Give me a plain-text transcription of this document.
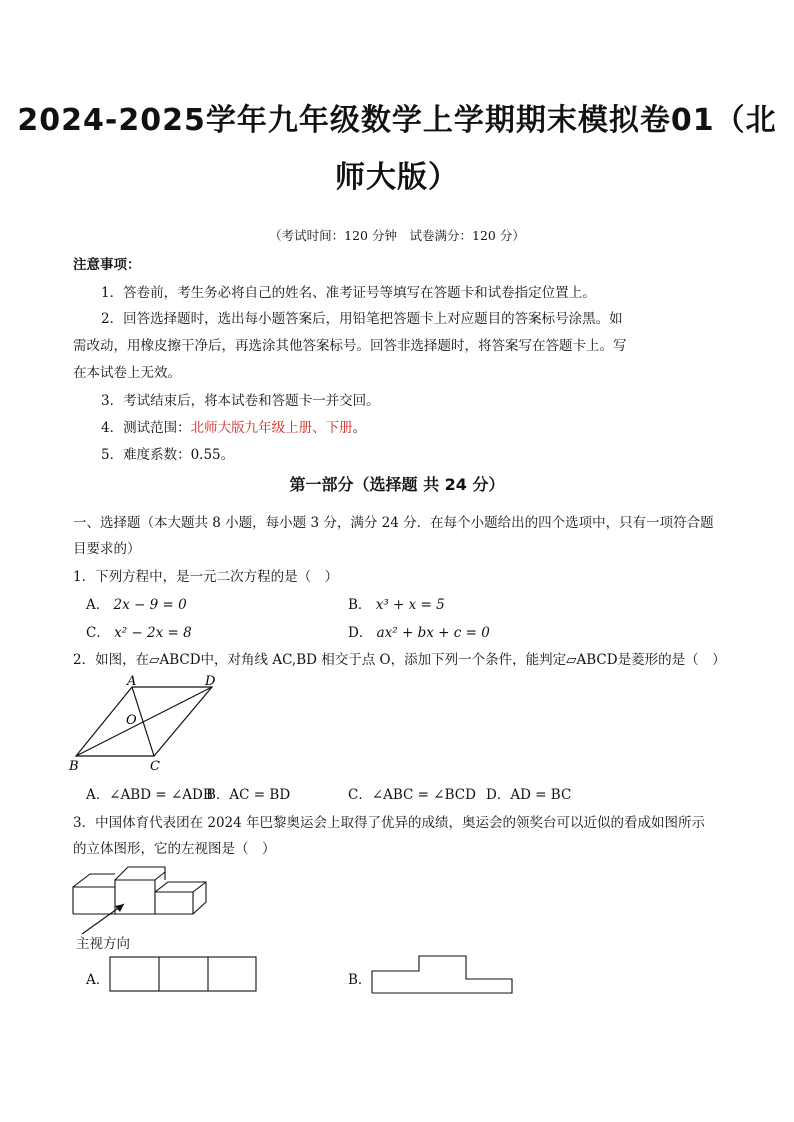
2024-2025学年九年级数学上学期期末模拟卷01（北
师大版）
（考试时间：120 分钟　试卷满分：120 分）
注意事项：
1．答卷前，考生务必将自己的姓名、准考证号等填写在答题卡和试卷指定位置上。
2．回答选择题时，选出每小题答案后，用铅笔把答题卡上对应题目的答案标号涂黑。如
需改动，用橡皮擦干净后，再选涂其他答案标号。回答非选择题时，将答案写在答题卡上。写
在本试卷上无效。
3．考试结束后，将本试卷和答题卡一并交回。
4．测试范围：北师大版九年级上册、下册。
5．难度系数：0.55。
第一部分（选择题 共 24 分）
一、选择题（本大题共 8 小题，每小题 3 分，满分 24 分．在每个小题给出的四个选项中，只有一项符合题
目要求的）
1．下列方程中，是一元二次方程的是（　）
A． 2x − 9 = 0	B． x³ + x = 5
C． x² − 2x = 8	D． ax² + bx + c = 0
2．如图，在▱ABCD中，对角线 AC,BD 相交于点 O，添加下列一个条件，能判定▱ABCD是菱形的是（　）
A	D
B	C
O
A．∠ABD = ∠ADB
B．AC = BD	C．∠ABC = ∠BCD D．AD = BC
3．中国体育代表团在 2024 年巴黎奥运会上取得了优异的成绩，奥运会的领奖台可以近似的看成如图所示
的立体图形，它的左视图是（　）
主视方向
A．	B．
